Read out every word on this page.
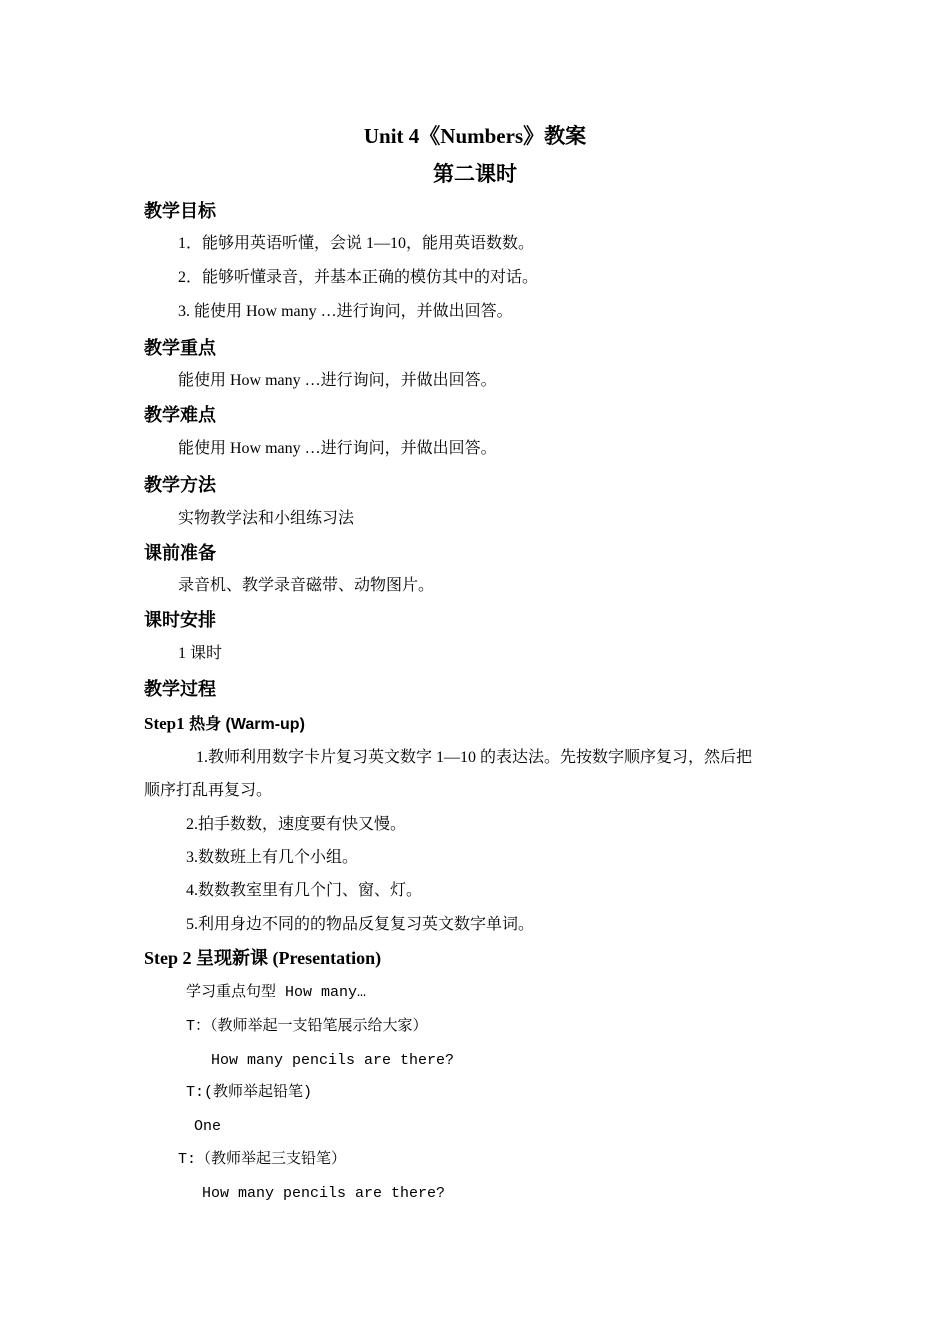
Unit 4《Numbers》教案
第二课时
教学目标
1．能够用英语听懂，会说 1—10，能用英语数数。
2．能够听懂录音，并基本正确的模仿其中的对话。
3. 能使用 How many …进行询问，并做出回答。
教学重点
能使用 How many …进行询问，并做出回答。
教学难点
能使用 How many …进行询问，并做出回答。
教学方法
实物教学法和小组练习法
课前准备
录音机、教学录音磁带、动物图片。
课时安排
1 课时
教学过程
Step1 热身 (Warm-up)
1.教师利用数字卡片复习英文数字 1—10 的表达法。先按数字顺序复习，然后把
顺序打乱再复习。
2.拍手数数，速度要有快又慢。
3.数数班上有几个小组。
4.数数教室里有几个门、窗、灯。
5.利用身边不同的的物品反复复习英文数字单词。
Step 2 呈现新课 (Presentation)
学习重点句型 How many…
T：（教师举起一支铅笔展示给大家）
How many pencils are there?
T:(教师举起铅笔)
One
T:（教师举起三支铅笔）
How many pencils are there?
